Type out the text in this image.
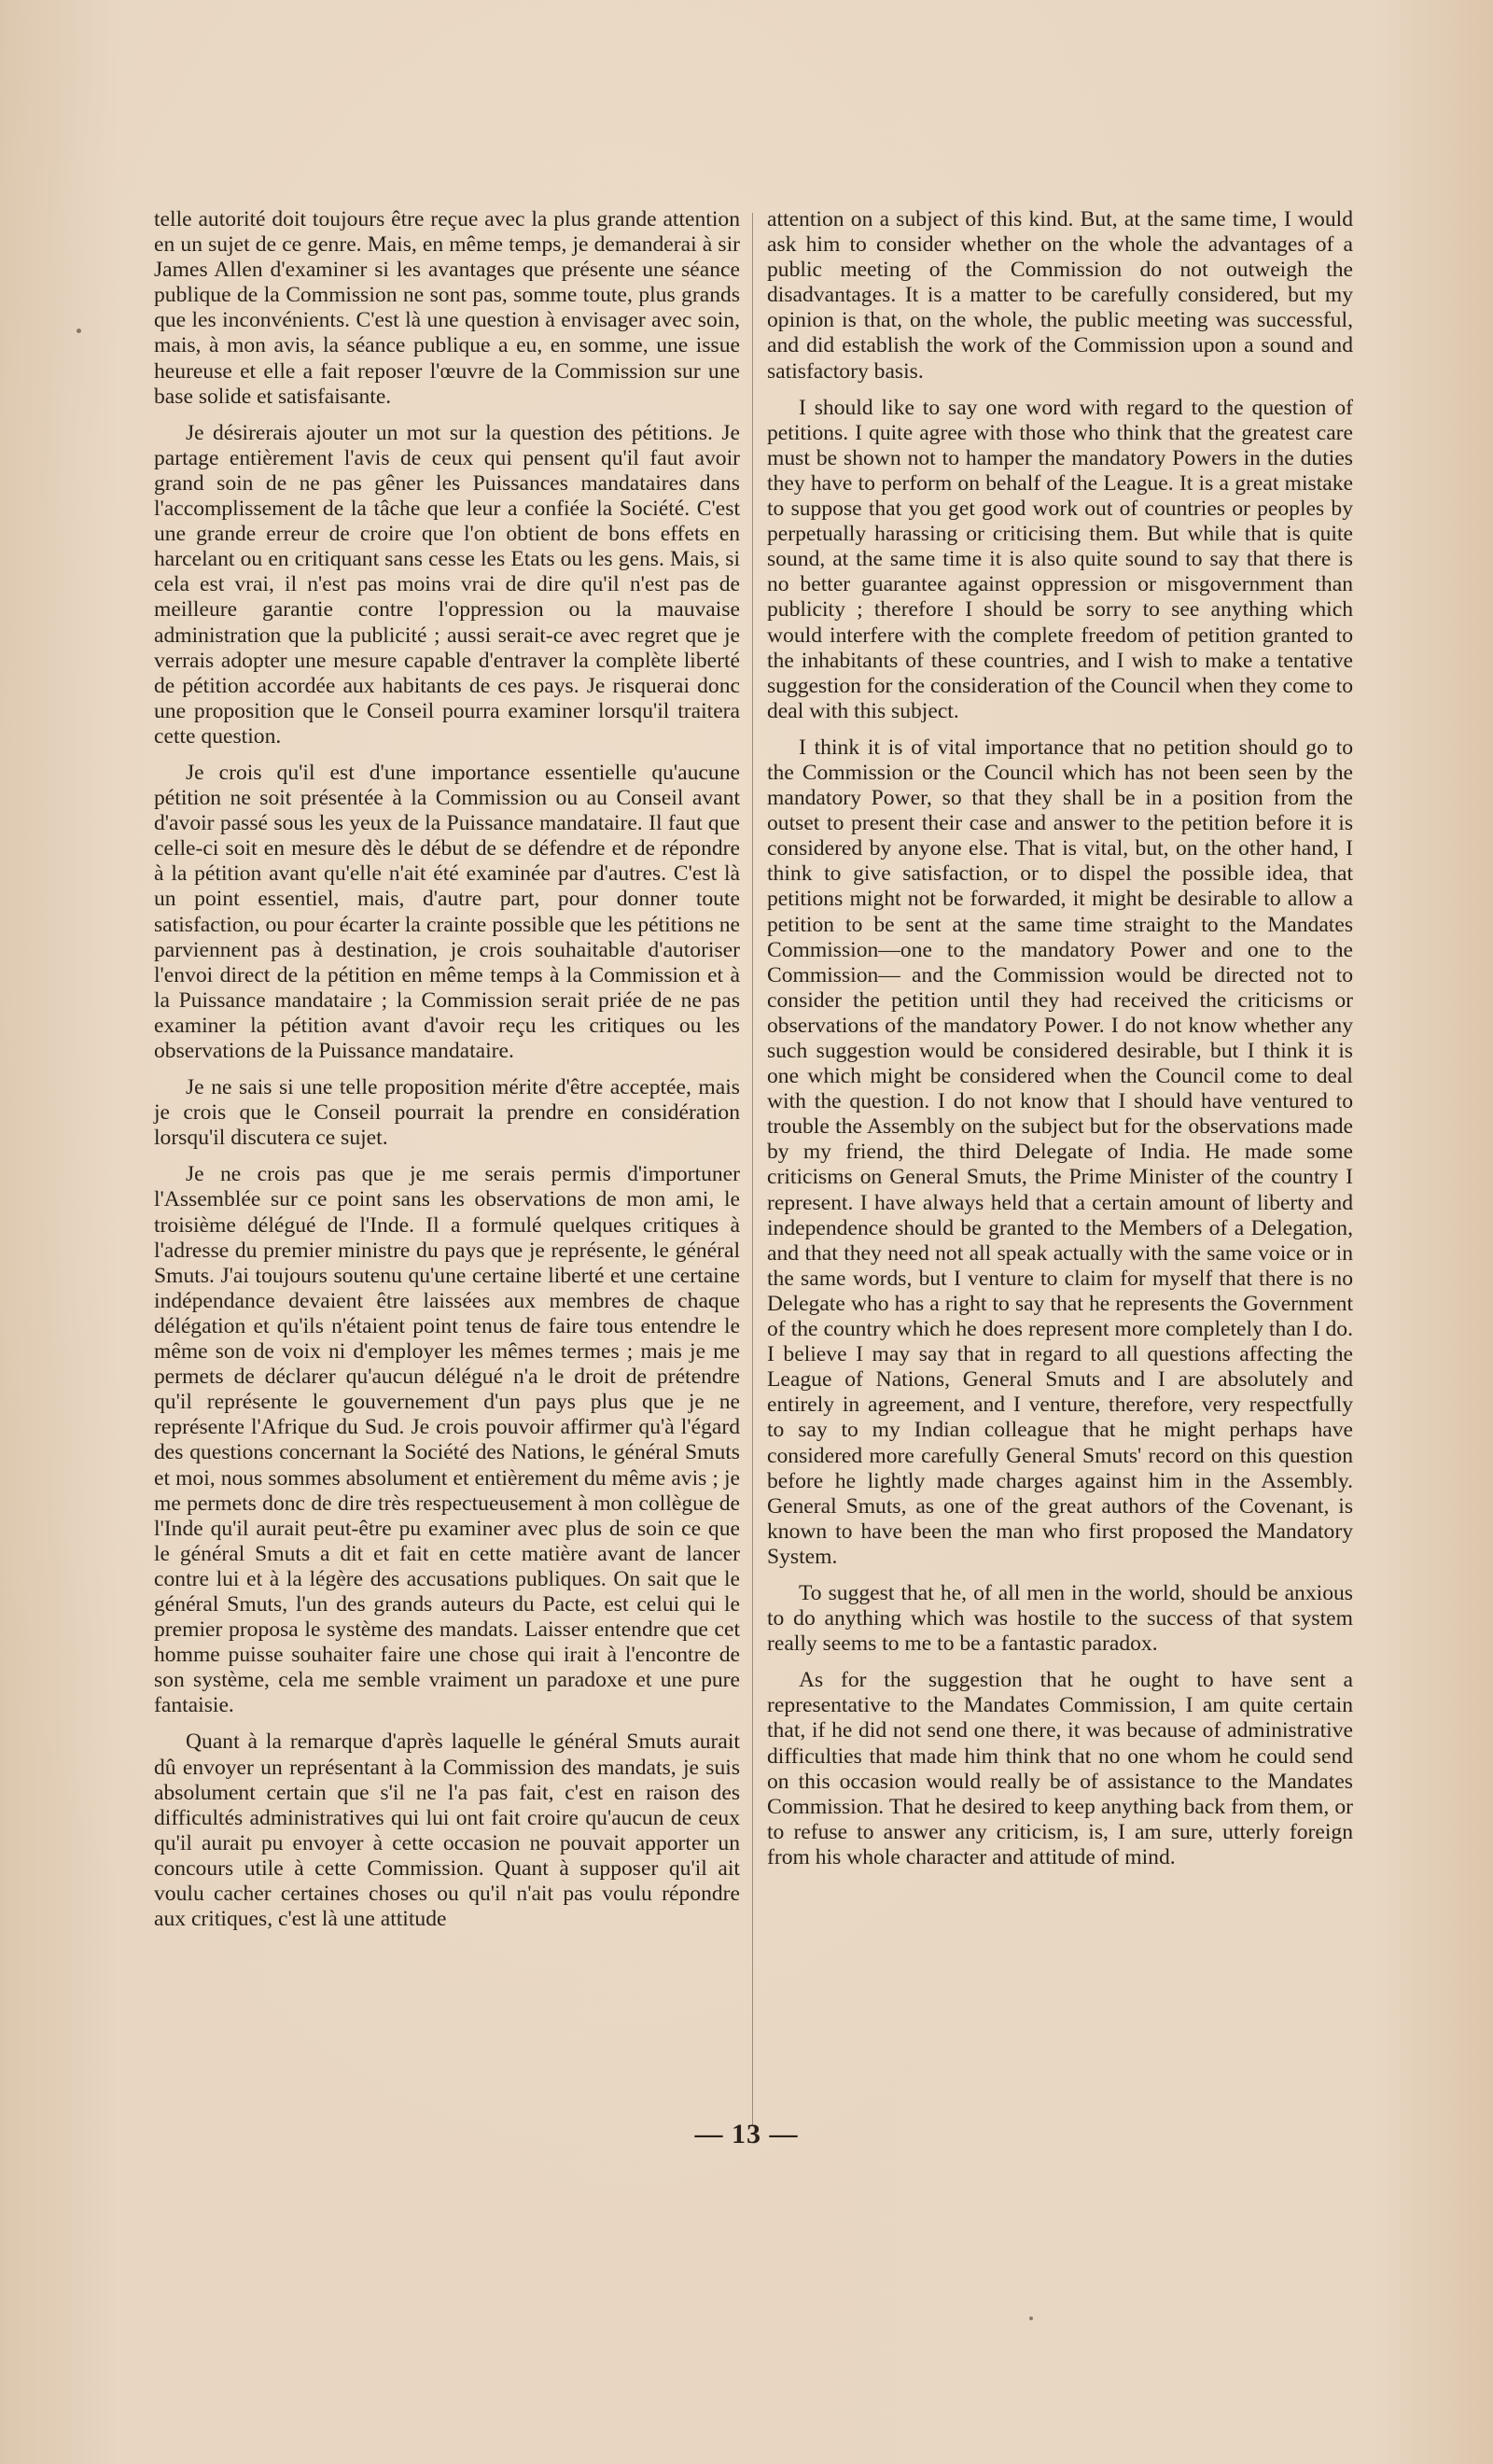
telle autorité doit toujours être reçue avec la plus grande attention en un sujet de ce genre. Mais, en même temps, je demanderai à sir James Allen d'examiner si les avantages que présente une séance publique de la Commission ne sont pas, somme toute, plus grands que les inconvénients. C'est là une question à envisager avec soin, mais, à mon avis, la séance publique a eu, en somme, une issue heureuse et elle a fait reposer l'œuvre de la Commission sur une base solide et satisfaisante.

Je désirerais ajouter un mot sur la question des pétitions. Je partage entièrement l'avis de ceux qui pensent qu'il faut avoir grand soin de ne pas gêner les Puissances mandataires dans l'accomplissement de la tâche que leur a confiée la Société. C'est une grande erreur de croire que l'on obtient de bons effets en harcelant ou en critiquant sans cesse les Etats ou les gens. Mais, si cela est vrai, il n'est pas moins vrai de dire qu'il n'est pas de meilleure garantie contre l'oppression ou la mauvaise administration que la publicité ; aussi serait-ce avec regret que je verrais adopter une mesure capable d'entraver la complète liberté de pétition accordée aux habitants de ces pays. Je risquerai donc une proposition que le Conseil pourra examiner lorsqu'il traitera cette question.

Je crois qu'il est d'une importance essentielle qu'aucune pétition ne soit présentée à la Commission ou au Conseil avant d'avoir passé sous les yeux de la Puissance mandataire. Il faut que celle-ci soit en mesure dès le début de se défendre et de répondre à la pétition avant qu'elle n'ait été examinée par d'autres. C'est là un point essentiel, mais, d'autre part, pour donner toute satisfaction, ou pour écarter la crainte possible que les pétitions ne parviennent pas à destination, je crois souhaitable d'autoriser l'envoi direct de la pétition en même temps à la Commission et à la Puissance mandataire ; la Commission serait priée de ne pas examiner la pétition avant d'avoir reçu les critiques ou les observations de la Puissance mandataire.

Je ne sais si une telle proposition mérite d'être acceptée, mais je crois que le Conseil pourrait la prendre en considération lorsqu'il discutera ce sujet.

Je ne crois pas que je me serais permis d'importuner l'Assemblée sur ce point sans les observations de mon ami, le troisième délégué de l'Inde. Il a formulé quelques critiques à l'adresse du premier ministre du pays que je représente, le général Smuts. J'ai toujours soutenu qu'une certaine liberté et une certaine indépendance devaient être laissées aux membres de chaque délégation et qu'ils n'étaient point tenus de faire tous entendre le même son de voix ni d'employer les mêmes termes ; mais je me permets de déclarer qu'aucun délégué n'a le droit de prétendre qu'il représente le gouvernement d'un pays plus que je ne représente l'Afrique du Sud. Je crois pouvoir affirmer qu'à l'égard des questions concernant la Société des Nations, le général Smuts et moi, nous sommes absolument et entièrement du même avis ; je me permets donc de dire très respectueusement à mon collègue de l'Inde qu'il aurait peut-être pu examiner avec plus de soin ce que le général Smuts a dit et fait en cette matière avant de lancer contre lui et à la légère des accusations publiques. On sait que le général Smuts, l'un des grands auteurs du Pacte, est celui qui le premier proposa le système des mandats. Laisser entendre que cet homme puisse souhaiter faire une chose qui irait à l'encontre de son système, cela me semble vraiment un paradoxe et une pure fantaisie.

Quant à la remarque d'après laquelle le général Smuts aurait dû envoyer un représentant à la Commission des mandats, je suis absolument certain que s'il ne l'a pas fait, c'est en raison des difficultés administratives qui lui ont fait croire qu'aucun de ceux qu'il aurait pu envoyer à cette occasion ne pouvait apporter un concours utile à cette Commission. Quant à supposer qu'il ait voulu cacher certaines choses ou qu'il n'ait pas voulu répondre aux critiques, c'est là une attitude

attention on a subject of this kind. But, at the same time, I would ask him to consider whether on the whole the advantages of a public meeting of the Commission do not outweigh the disadvantages. It is a matter to be carefully considered, but my opinion is that, on the whole, the public meeting was successful, and did establish the work of the Commission upon a sound and satisfactory basis.

I should like to say one word with regard to the question of petitions. I quite agree with those who think that the greatest care must be shown not to hamper the mandatory Powers in the duties they have to perform on behalf of the League. It is a great mistake to suppose that you get good work out of countries or peoples by perpetually harassing or criticising them. But while that is quite sound, at the same time it is also quite sound to say that there is no better guarantee against oppression or misgovernment than publicity ; therefore I should be sorry to see anything which would interfere with the complete freedom of petition granted to the inhabitants of these countries, and I wish to make a tentative suggestion for the consideration of the Council when they come to deal with this subject.

I think it is of vital importance that no petition should go to the Commission or the Council which has not been seen by the mandatory Power, so that they shall be in a position from the outset to present their case and answer to the petition before it is considered by anyone else. That is vital, but, on the other hand, I think to give satisfaction, or to dispel the possible idea, that petitions might not be forwarded, it might be desirable to allow a petition to be sent at the same time straight to the Mandates Commission—one to the mandatory Power and one to the Commission— and the Commission would be directed not to consider the petition until they had received the criticisms or observations of the mandatory Power. I do not know whether any such suggestion would be considered desirable, but I think it is one which might be considered when the Council come to deal with the question. I do not know that I should have ventured to trouble the Assembly on the subject but for the observations made by my friend, the third Delegate of India. He made some criticisms on General Smuts, the Prime Minister of the country I represent. I have always held that a certain amount of liberty and independence should be granted to the Members of a Delegation, and that they need not all speak actually with the same voice or in the same words, but I venture to claim for myself that there is no Delegate who has a right to say that he represents the Government of the country which he does represent more completely than I do. I believe I may say that in regard to all questions affecting the League of Nations, General Smuts and I are absolutely and entirely in agreement, and I venture, therefore, very respectfully to say to my Indian colleague that he might perhaps have considered more carefully General Smuts' record on this question before he lightly made charges against him in the Assembly. General Smuts, as one of the great authors of the Covenant, is known to have been the man who first proposed the Mandatory System.

To suggest that he, of all men in the world, should be anxious to do anything which was hostile to the success of that system really seems to me to be a fantastic paradox.

As for the suggestion that he ought to have sent a representative to the Mandates Commission, I am quite certain that, if he did not send one there, it was because of administrative difficulties that made him think that no one whom he could send on this occasion would really be of assistance to the Mandates Commission. That he desired to keep anything back from them, or to refuse to answer any criticism, is, I am sure, utterly foreign from his whole character and attitude of mind.

— 13 —
